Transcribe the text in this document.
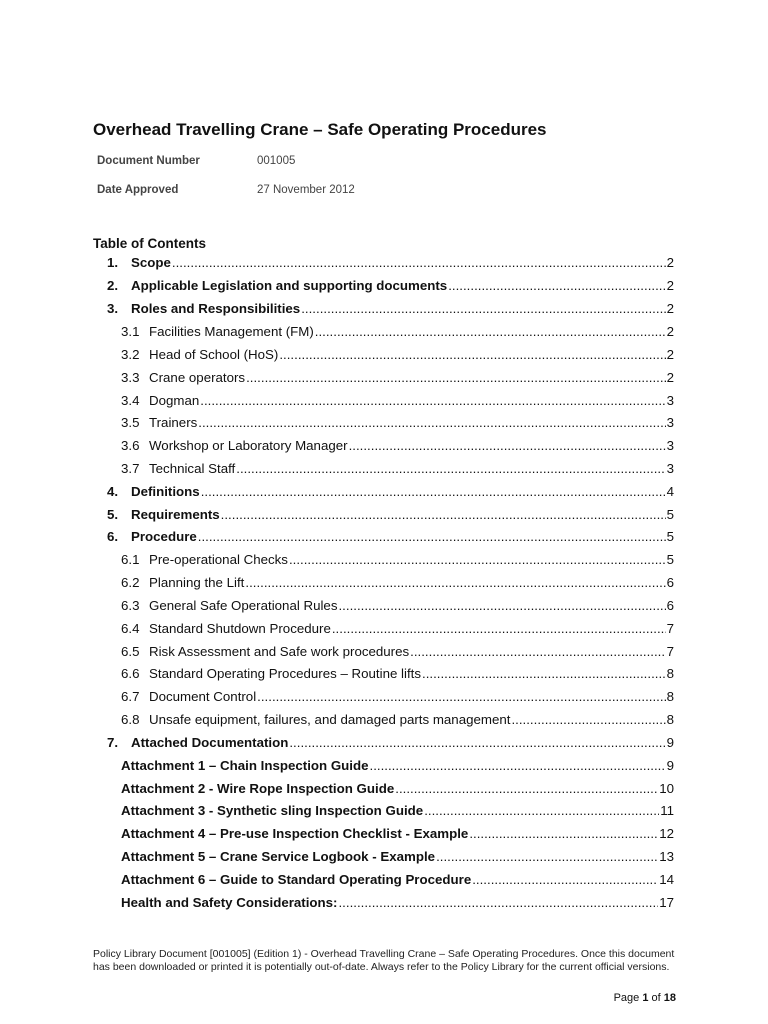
Overhead Travelling Crane – Safe Operating Procedures
Document Number	001005
Date Approved	27 November 2012
Table of Contents
1. Scope .....	2
2. Applicable Legislation and supporting documents .....	2
3. Roles and Responsibilities .....	2
3.1 Facilities Management (FM) .....	2
3.2 Head of School (HoS) .....	2
3.3 Crane operators .....	2
3.4 Dogman .....	3
3.5 Trainers .....	3
3.6 Workshop or Laboratory Manager .....	3
3.7 Technical Staff .....	3
4. Definitions .....	4
5. Requirements .....	5
6. Procedure .....	5
6.1 Pre-operational Checks .....	5
6.2 Planning the Lift .....	6
6.3 General Safe Operational Rules .....	6
6.4 Standard Shutdown Procedure .....	7
6.5 Risk Assessment and Safe work procedures .....	7
6.6 Standard Operating Procedures – Routine lifts .....	8
6.7 Document Control .....	8
6.8 Unsafe equipment, failures, and damaged parts management .....	8
7. Attached Documentation .....	9
Attachment 1 – Chain Inspection Guide .....	9
Attachment 2 - Wire Rope Inspection Guide .....	10
Attachment 3 - Synthetic sling Inspection Guide .....	11
Attachment 4 – Pre-use Inspection Checklist - Example .....	12
Attachment 5 – Crane Service Logbook - Example .....	13
Attachment 6 – Guide to Standard Operating Procedure .....	14
Health and Safety Considerations: .....	17
Policy Library Document [001005] (Edition 1) - Overhead Travelling Crane – Safe Operating Procedures. Once this document has been downloaded or printed it is potentially out-of-date. Always refer to the Policy Library for the current official versions.
Page 1 of 18
